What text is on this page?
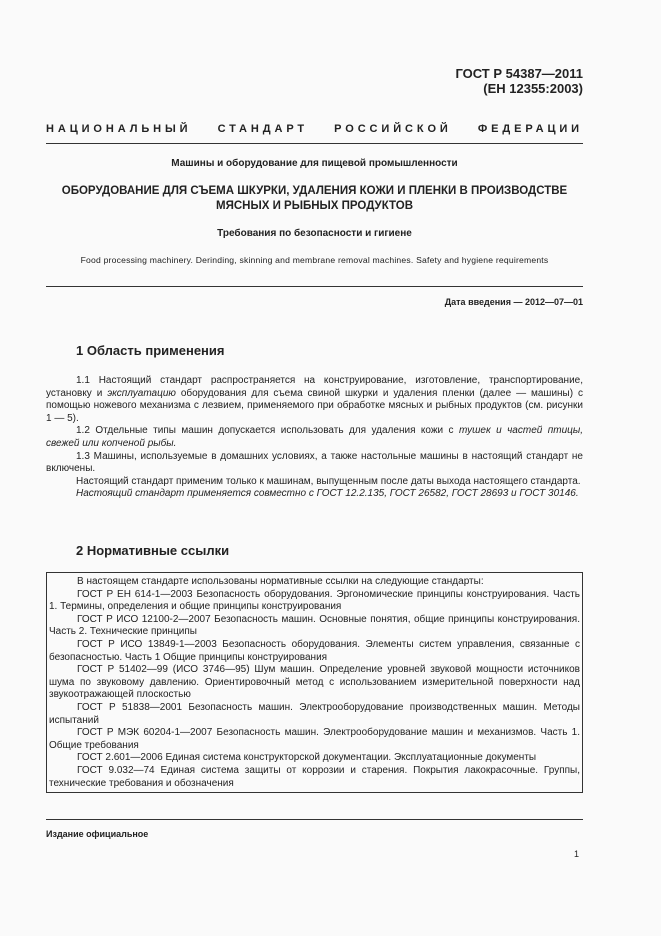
ГОСТ Р 54387—2011
(ЕН 12355:2003)
НАЦИОНАЛЬНЫЙ СТАНДАРТ РОССИЙСКОЙ ФЕДЕРАЦИИ
Машины и оборудование для пищевой промышленности
ОБОРУДОВАНИЕ ДЛЯ СЪЕМА ШКУРКИ, УДАЛЕНИЯ КОЖИ И ПЛЕНКИ В ПРОИЗВОДСТВЕ
МЯСНЫХ И РЫБНЫХ ПРОДУКТОВ
Требования по безопасности и гигиене
Food processing machinery. Derinding, skinning and membrane removal machines. Safety and hygiene requirements
Дата введения — 2012—07—01
1 Область применения

1.1 Настоящий стандарт распространяется на конструирование, изготовление, транспортирование, установку и эксплуатацию оборудования для съема свиной шкурки и удаления пленки (далее — машины) с помощью ножевого механизма с лезвием, применяемого при обработке мясных и рыбных продуктов (см. рисунки 1 — 5).

1.2 Отдельные типы машин допускается использовать для удаления кожи с тушек и частей птицы, свежей или копченой рыбы.

1.3 Машины, используемые в домашних условиях, а также настольные машины в настоящий стандарт не включены.

Настоящий стандарт применим только к машинам, выпущенным после даты выхода настоящего стандарта.

Настоящий стандарт применяется совместно с ГОСТ 12.2.135, ГОСТ 26582, ГОСТ 28693 и ГОСТ 30146.

2 Нормативные ссылки

В настоящем стандарте использованы нормативные ссылки на следующие стандарты:

ГОСТ Р ЕН 614-1—2003 Безопасность оборудования. Эргономические принципы конструирования. Часть 1. Термины, определения и общие принципы конструирования

ГОСТ Р ИСО 12100-2—2007 Безопасность машин. Основные понятия, общие принципы конструирования. Часть 2. Технические принципы

ГОСТ Р ИСО 13849-1—2003 Безопасность оборудования. Элементы систем управления, связанные с безопасностью. Часть 1 Общие принципы конструирования

ГОСТ Р 51402—99 (ИСО 3746—95) Шум машин. Определение уровней звуковой мощности источников шума по звуковому давлению. Ориентировочный метод с использованием измерительной поверхности над звукоотражающей плоскостью

ГОСТ Р 51838—2001 Безопасность машин. Электрооборудование производственных машин. Методы испытаний

ГОСТ Р МЭК 60204-1—2007 Безопасность машин. Электрооборудование машин и механизмов. Часть 1. Общие требования

ГОСТ 2.601—2006 Единая система конструкторской документации. Эксплуатационные документы

ГОСТ 9.032—74 Единая система защиты от коррозии и старения. Покрытия лакокрасочные. Группы, технические требования и обозначения

Издание официальное
1
